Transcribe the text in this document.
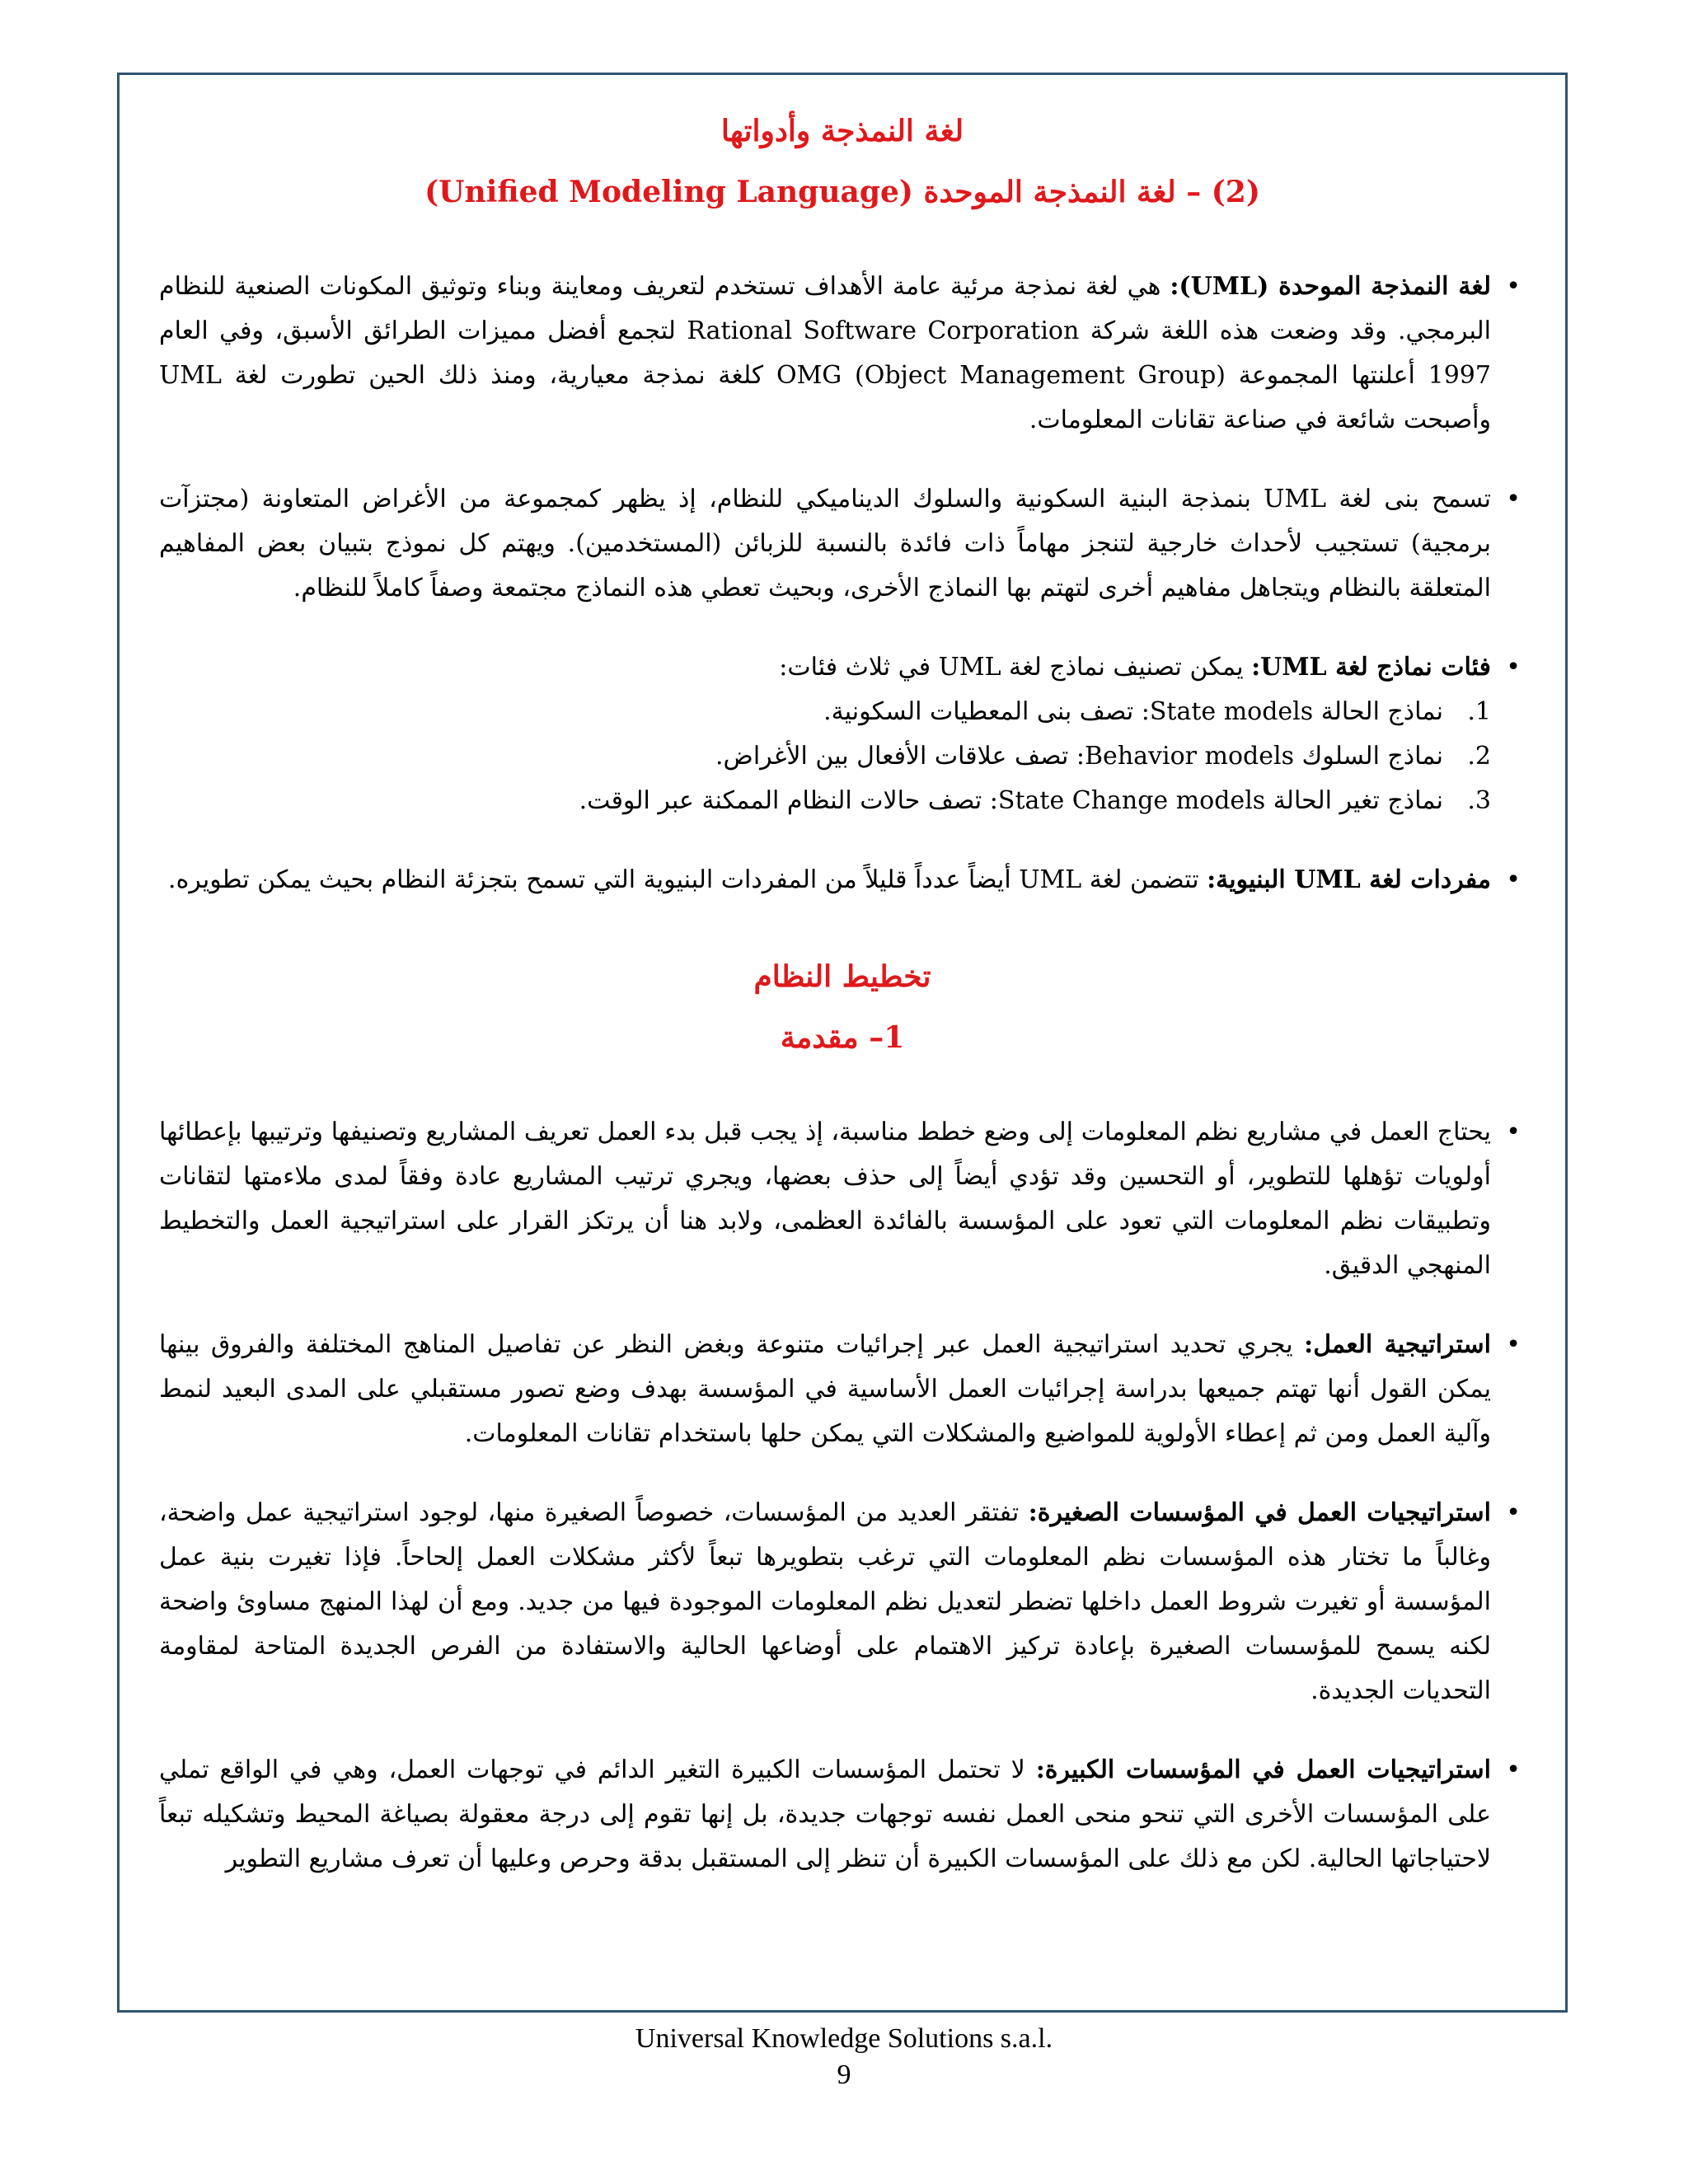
لغة النمذجة وأدواتها
(2) – لغة النمذجة الموحدة (Unified Modeling Language)
• لغة النمذجة الموحدة (UML): هي لغة نمذجة مرئية عامة الأهداف تستخدم لتعريف ومعاينة وبناء وتوثيق المكونات الصنعية للنظام البرمجي. وقد وضعت هذه اللغة شركة Rational Software Corporation لتجمع أفضل مميزات الطرائق الأسبق، وفي العام 1997 أعلنتها المجموعة OMG (Object Management Group) كلغة نمذجة معيارية، ومنذ ذلك الحين تطورت لغة UML وأصبحت شائعة في صناعة تقانات المعلومات.
• تسمح بنى لغة UML بنمذجة البنية السكونية والسلوك الديناميكي للنظام، إذ يظهر كمجموعة من الأغراض المتعاونة (مجتزآت برمجية) تستجيب لأحداث خارجية لتنجز مهاماً ذات فائدة بالنسبة للزبائن (المستخدمين). ويهتم كل نموذج بتبيان بعض المفاهيم المتعلقة بالنظام ويتجاهل مفاهيم أخرى لتهتم بها النماذج الأخرى، وبحيث تعطي هذه النماذج مجتمعة وصفاً كاملاً للنظام.
• فئات نماذج لغة UML: يمكن تصنيف نماذج لغة UML في ثلاث فئات:
1.
نماذج الحالة State models: تصف بنى المعطيات السكونية.
2.
نماذج السلوك Behavior models: تصف علاقات الأفعال بين الأغراض.
3.
نماذج تغير الحالة State Change models: تصف حالات النظام الممكنة عبر الوقت.
• مفردات لغة UML البنيوية: تتضمن لغة UML أيضاً عدداً قليلاً من المفردات البنيوية التي تسمح بتجزئة النظام بحيث يمكن تطويره.
تخطيط النظام
1– مقدمة
• يحتاج العمل في مشاريع نظم المعلومات إلى وضع خطط مناسبة، إذ يجب قبل بدء العمل تعريف المشاريع وتصنيفها وترتيبها بإعطائها أولويات تؤهلها للتطوير، أو التحسين وقد تؤدي أيضاً إلى حذف بعضها، ويجري ترتيب المشاريع عادة وفقاً لمدى ملاءمتها لتقانات وتطبيقات نظم المعلومات التي تعود على المؤسسة بالفائدة العظمى، ولابد هنا أن يرتكز القرار على استراتيجية العمل والتخطيط المنهجي الدقيق.
• استراتيجية العمل: يجري تحديد استراتيجية العمل عبر إجرائيات متنوعة وبغض النظر عن تفاصيل المناهج المختلفة والفروق بينها يمكن القول أنها تهتم جميعها بدراسة إجرائيات العمل الأساسية في المؤسسة بهدف وضع تصور مستقبلي على المدى البعيد لنمط وآلية العمل ومن ثم إعطاء الأولوية للمواضيع والمشكلات التي يمكن حلها باستخدام تقانات المعلومات.
• استراتيجيات العمل في المؤسسات الصغيرة: تفتقر العديد من المؤسسات، خصوصاً الصغيرة منها، لوجود استراتيجية عمل واضحة، وغالباً ما تختار هذه المؤسسات نظم المعلومات التي ترغب بتطويرها تبعاً لأكثر مشكلات العمل إلحاحاً. فإذا تغيرت بنية عمل المؤسسة أو تغيرت شروط العمل داخلها تضطر لتعديل نظم المعلومات الموجودة فيها من جديد. ومع أن لهذا المنهج مساوئ واضحة لكنه يسمح للمؤسسات الصغيرة بإعادة تركيز الاهتمام على أوضاعها الحالية والاستفادة من الفرص الجديدة المتاحة لمقاومة التحديات الجديدة.
• استراتيجيات العمل في المؤسسات الكبيرة: لا تحتمل المؤسسات الكبيرة التغير الدائم في توجهات العمل، وهي في الواقع تملي على المؤسسات الأخرى التي تنحو منحى العمل نفسه توجهات جديدة، بل إنها تقوم إلى درجة معقولة بصياغة المحيط وتشكيله تبعاً لاحتياجاتها الحالية. لكن مع ذلك على المؤسسات الكبيرة أن تنظر إلى المستقبل بدقة وحرص وعليها أن تعرف مشاريع التطوير
Universal Knowledge Solutions s.a.l.
9
